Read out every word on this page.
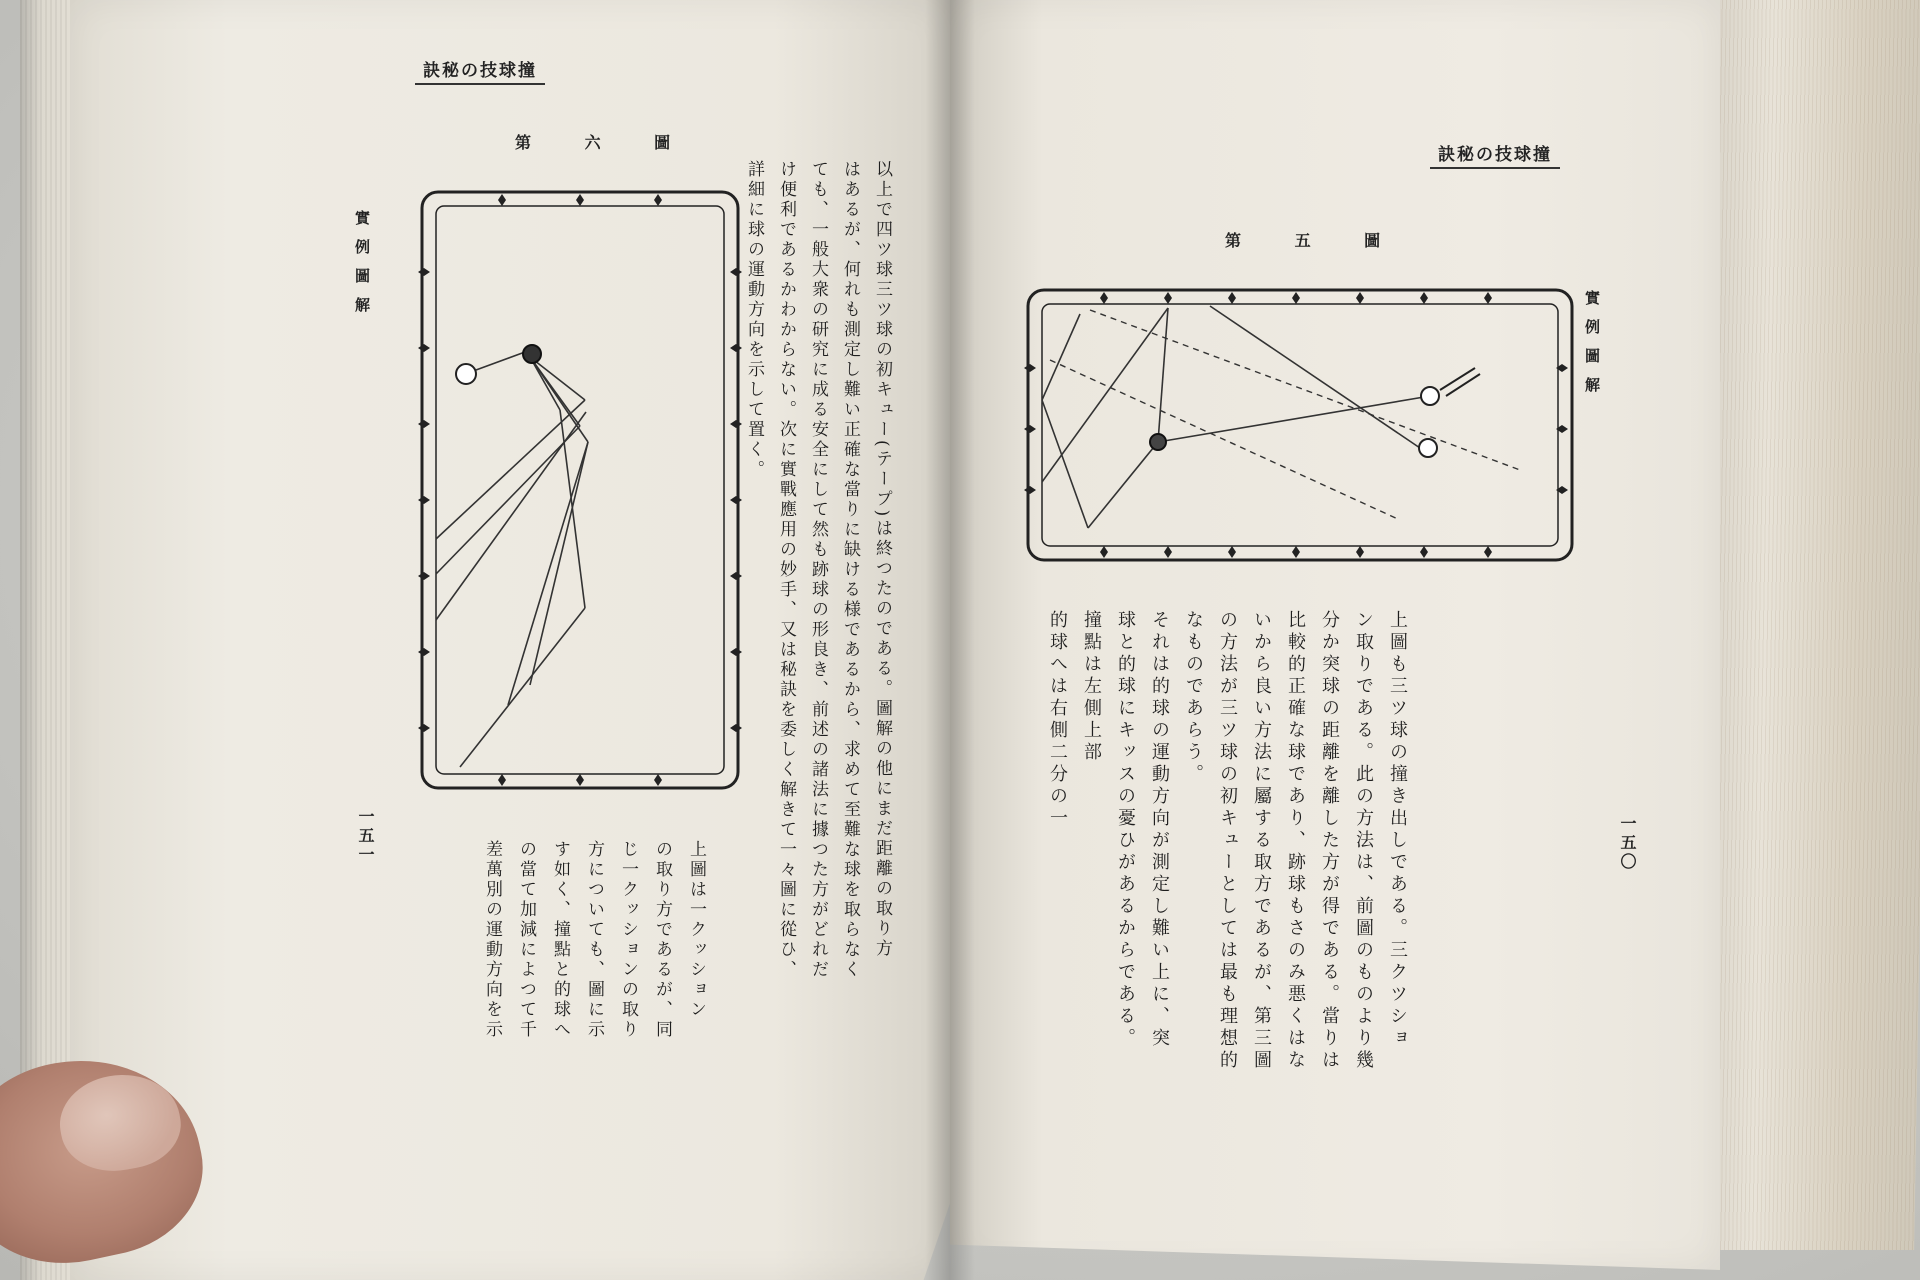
訣秘の技球撞
第 六 圖
實例圖解	以上で四ツ球三ツ球の初キュー(テープ)は終つたのである。圖解の他にまだ距離の取り方
はあるが、何れも測定し難い正確な當りに缺ける様であるから、求めて至難な球を取らなく
ても、一般大衆の研究に成る安全にして然も跡球の形良き、前述の諸法に據つた方がどれだ
け便利であるかわからない。次に實戰應用の妙手、又は秘訣を委しく解きて一々圖に從ひ、
詳細に球の運動方向を示して置く。
上圖は一クッション
の取り方であるが、同
じ一クッションの取り
方についても、圖に示
す如く、撞點と的球へ
の當て加減によつて千
差萬別の運動方向を示
一五一
訣秘の技球撞
第 五 圖
實例圖解
上圖も三ツ球の撞き出しである。三クツショ
ン取りである。此の方法は、前圖のものより幾
分か突球の距離を離した方が得である。當りは
比較的正確な球であり、跡球もさのみ悪くはな
いから良い方法に屬する取方であるが、第三圖
の方法が三ツ球の初キューとしては最も理想的
なものであらう。
それは的球の運動方向が測定し難い上に、突
球と的球にキッスの憂ひがあるからである。
撞點は左側上部
的球へは右側二分の一
一五〇
